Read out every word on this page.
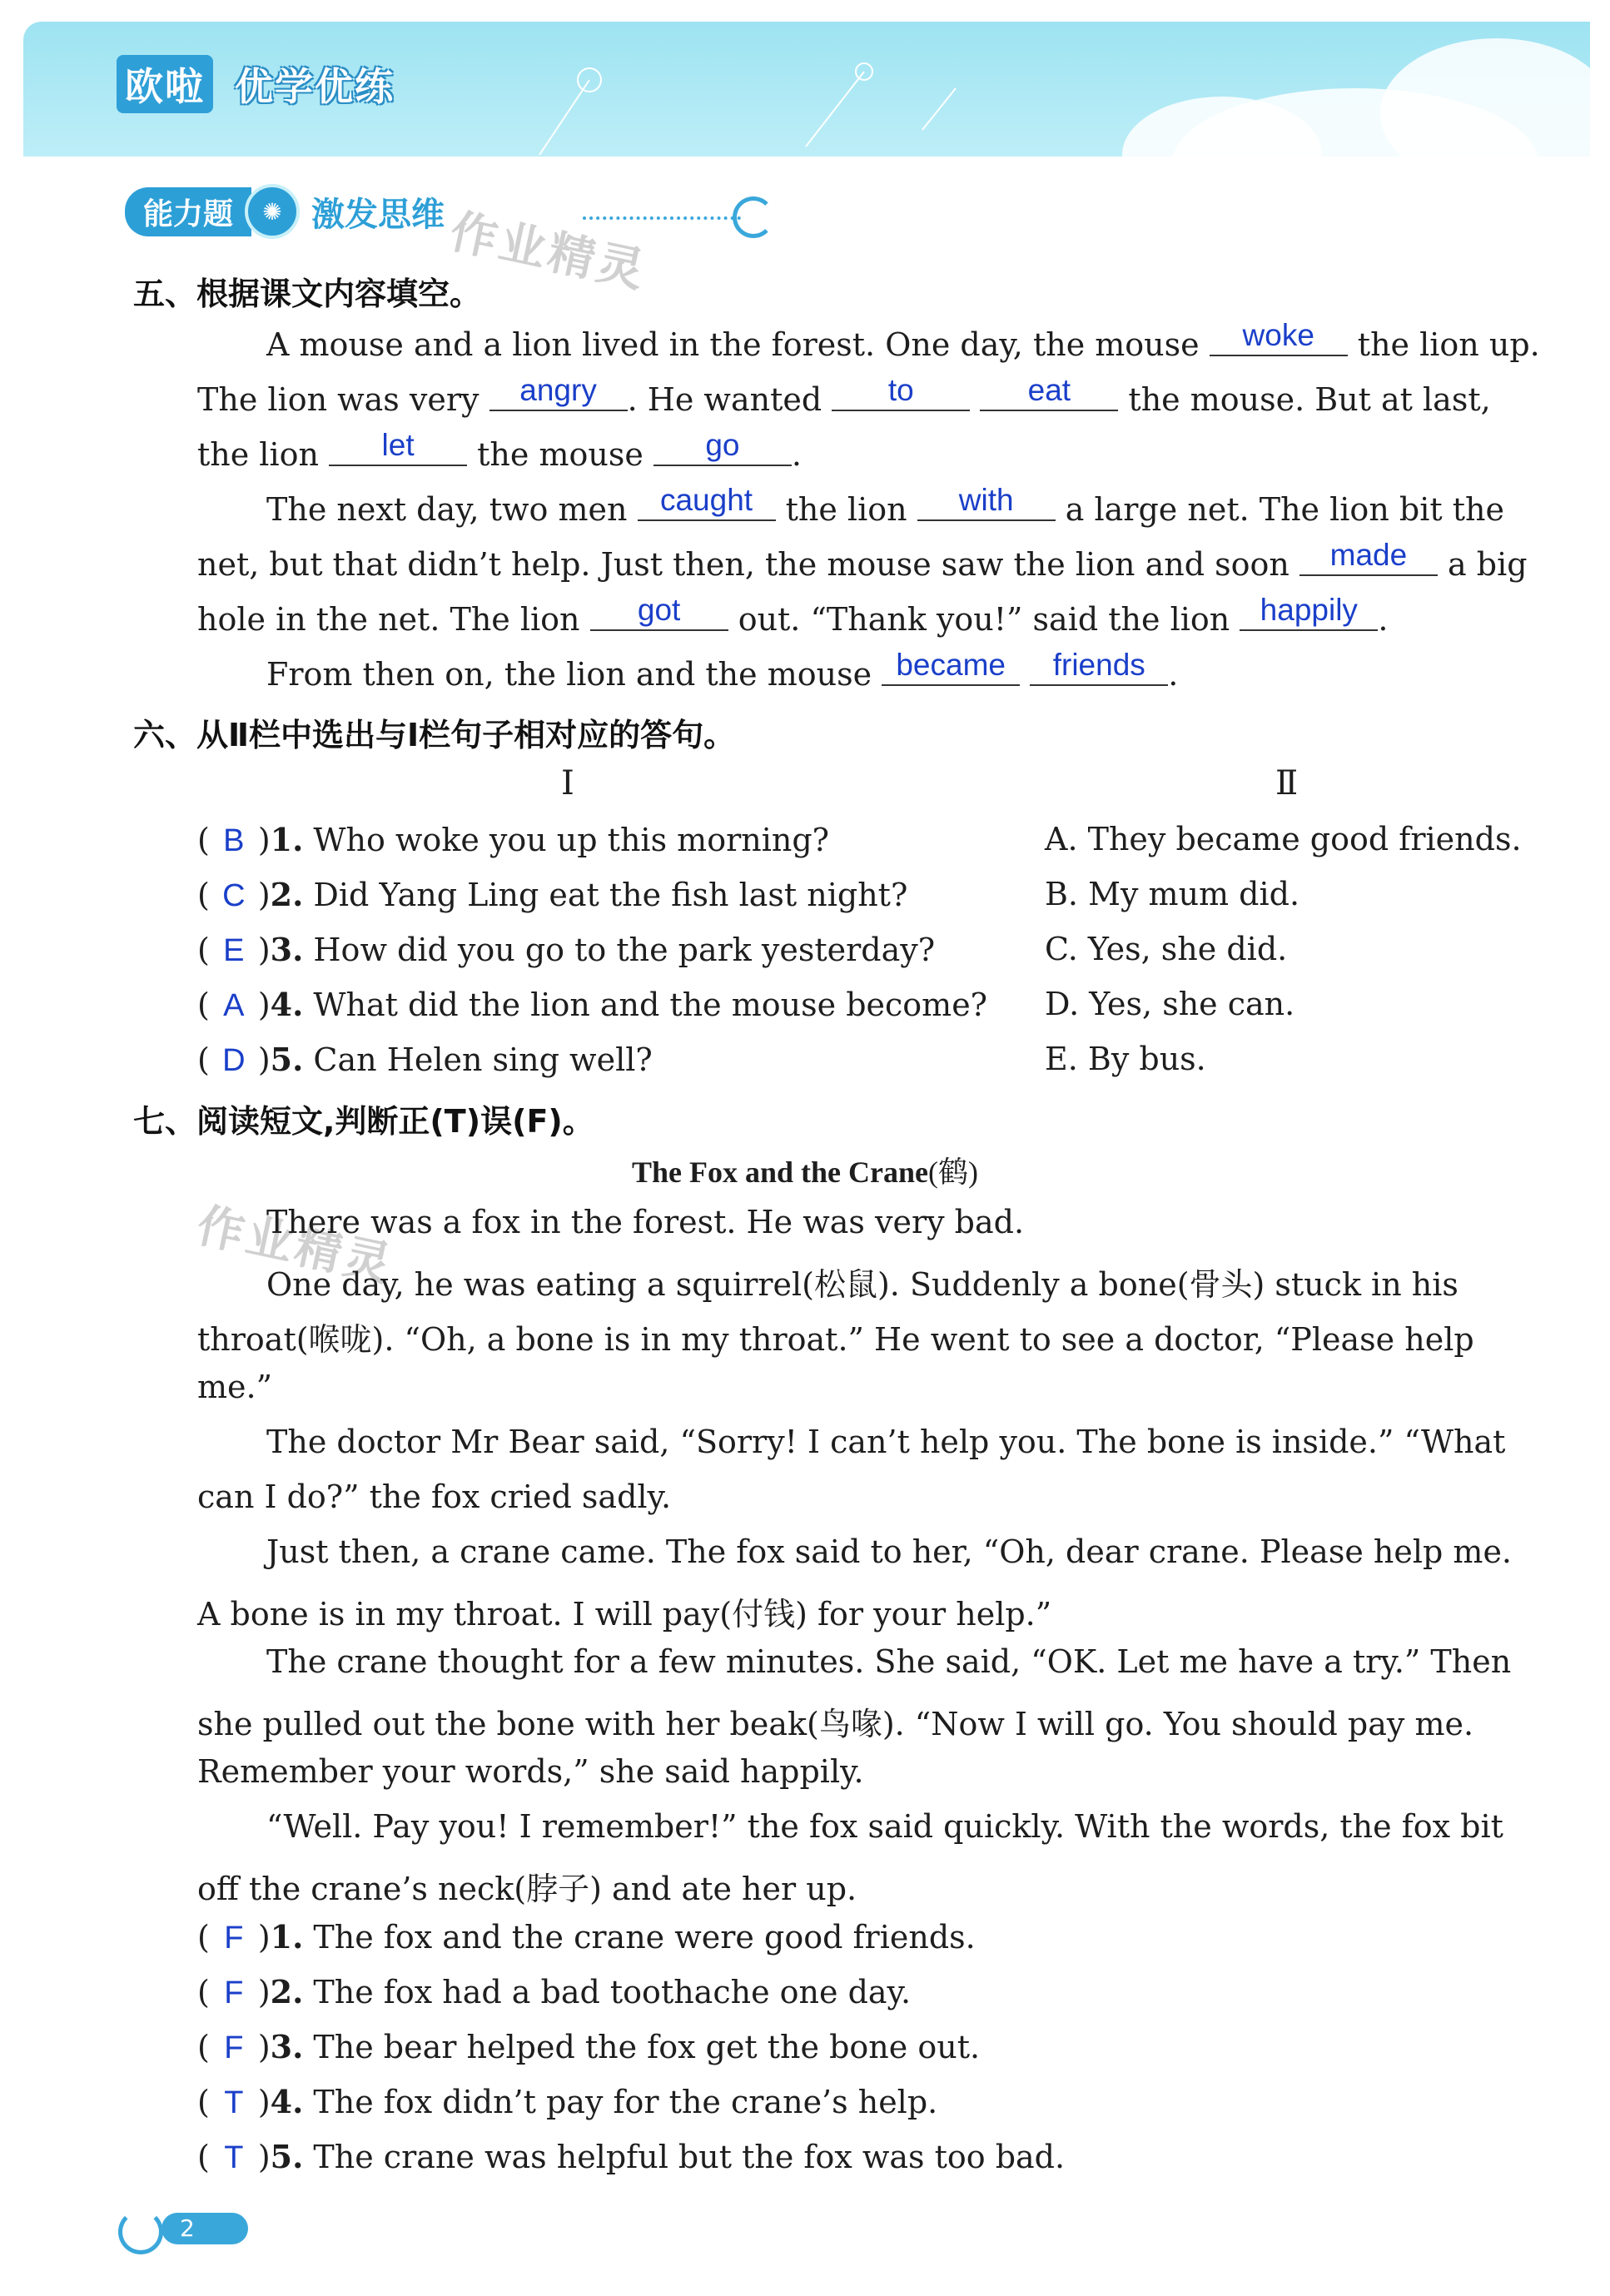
欧啦 优学优练
能力题	✺ 激发思维 作业精灵
作业精灵
五、根据课文内容填空。
A mouse and a lion lived in the forest. One day, the mouse woke the lion up.
The lion was very angry . He wanted to	eat the mouse. But at last,
the lion let the mouse go .
The next day, two men caught the lion with a large net. The lion bit the
net, but that didn’t help. Just then, the mouse saw the lion and soon made a big
hole in the net. The lion got out. “Thank you!” said the lion happily .
From then on, the lion and the mouse became friends .
六、从Ⅱ栏中选出与Ⅰ栏句子相对应的答句。
Ⅰ	Ⅱ
( B )1. Who woke you up this morning?	A. They became good friends.
( C )2. Did Yang Ling eat the fish last night?	B. My mum did.
( E )3. How did you go to the park yesterday?	C. Yes, she did.
( A )4. What did the lion and the mouse become? D. Yes, she can.
( D )5. Can Helen sing well?	E. By bus.
七、阅读短文,判断正(T)误(F)。
The Fox and the Crane(鹤)
There was a fox in the forest. He was very bad.
One day, he was eating a squirrel(松鼠). Suddenly a bone(骨头) stuck in his
throat(喉咙). “Oh, a bone is in my throat.” He went to see a doctor, “Please help
me.”
The doctor Mr Bear said, “Sorry! I can’t help you. The bone is inside.” “What
can I do?” the fox cried sadly.
Just then, a crane came. The fox said to her, “Oh, dear crane. Please help me.
A bone is in my throat. I will pay(付钱) for your help.”
The crane thought for a few minutes. She said, “OK. Let me have a try.” Then
she pulled out the bone with her beak(鸟喙). “Now I will go. You should pay me.
Remember your words,” she said happily.
“Well. Pay you! I remember!” the fox said quickly. With the words, the fox bit
off the crane’s neck(脖子) and ate her up.
( F )1. The fox and the crane were good friends.
( F )2. The fox had a bad toothache one day.
( F )3. The bear helped the fox get the bone out.
( T )4. The fox didn’t pay for the crane’s help.
( T )5. The crane was helpful but the fox was too bad.
2
